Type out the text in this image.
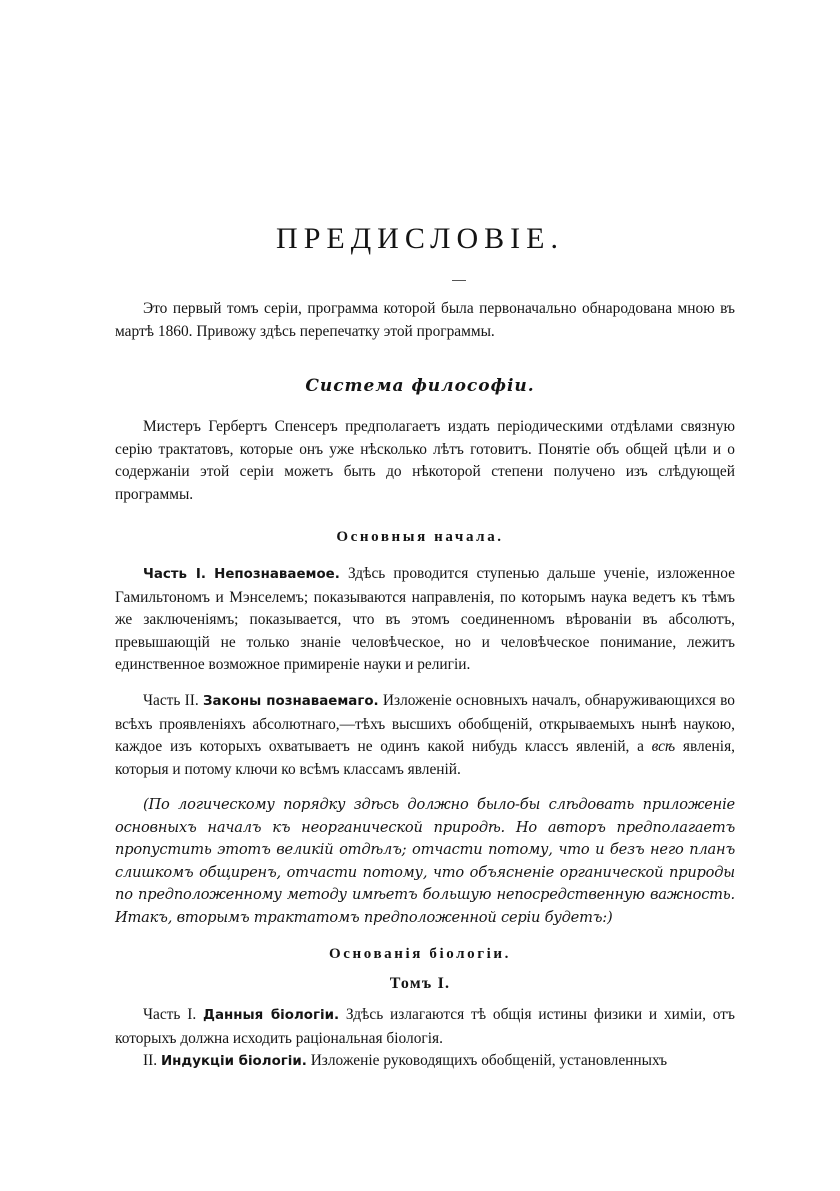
ПРЕДИСЛОВІЕ.

Это первый томъ серіи, программа которой была первоначально обнародована мною въ мартѣ 1860. Привожу здѣсь перепечатку этой программы.

Система философіи.

Мистеръ Гербертъ Спенсеръ предполагаетъ издать періодическими отдѣлами связную серію трактатовъ, которые онъ уже нѣсколько лѣтъ готовитъ. Понятіе объ общей цѣли и о содержаніи этой серіи можетъ быть до нѣкоторой степени получено изъ слѣдующей программы.

Основныя начала.

Часть I. Непознаваемое. Здѣсь проводится ступенью дальше ученіе, изложенное Гамильтономъ и Мэнселемъ; показываются направленія, по которымъ наука ведетъ къ тѣмъ же заключеніямъ; показывается, что въ этомъ соединенномъ вѣрованіи въ абсолютъ, превышающій не только знаніе человѣческое, но и человѣческое понимание, лежитъ единственное возможное примиреніе науки и религіи.

Часть II. Законы познаваемаго. Изложеніе основныхъ началъ, обнаруживающихся во всѣхъ проявленіяхъ абсолютнаго,—тѣхъ высшихъ обобщеній, открываемыхъ нынѣ наукою, каждое изъ которыхъ охватываетъ не одинъ какой нибудь классъ явленій, а всѣ явленія, которыя и потому ключи ко всѣмъ классамъ явленій.

(По логическому порядку здѣсь должно было-бы слѣдовать приложеніе основныхъ началъ къ неорганической природѣ. Но авторъ предполагаетъ пропустить этотъ великій отдѣлъ; отчасти потому, что и безъ него планъ слишкомъ общиренъ, отчасти потому, что объясненіе органической природы по предположенному методу имѣетъ большую непосредственную важность. Итакъ, вторымъ трактатомъ предположенной серіи будетъ:)

Основанія біологіи.
Томъ I.

Часть I. Данныя біологіи. Здѣсь излагаются тѣ общія истины физики и химіи, отъ которыхъ должна исходить раціональная біологія.

II. Индукціи біологіи. Изложеніе руководящихъ обобщеній, установленныхъ
